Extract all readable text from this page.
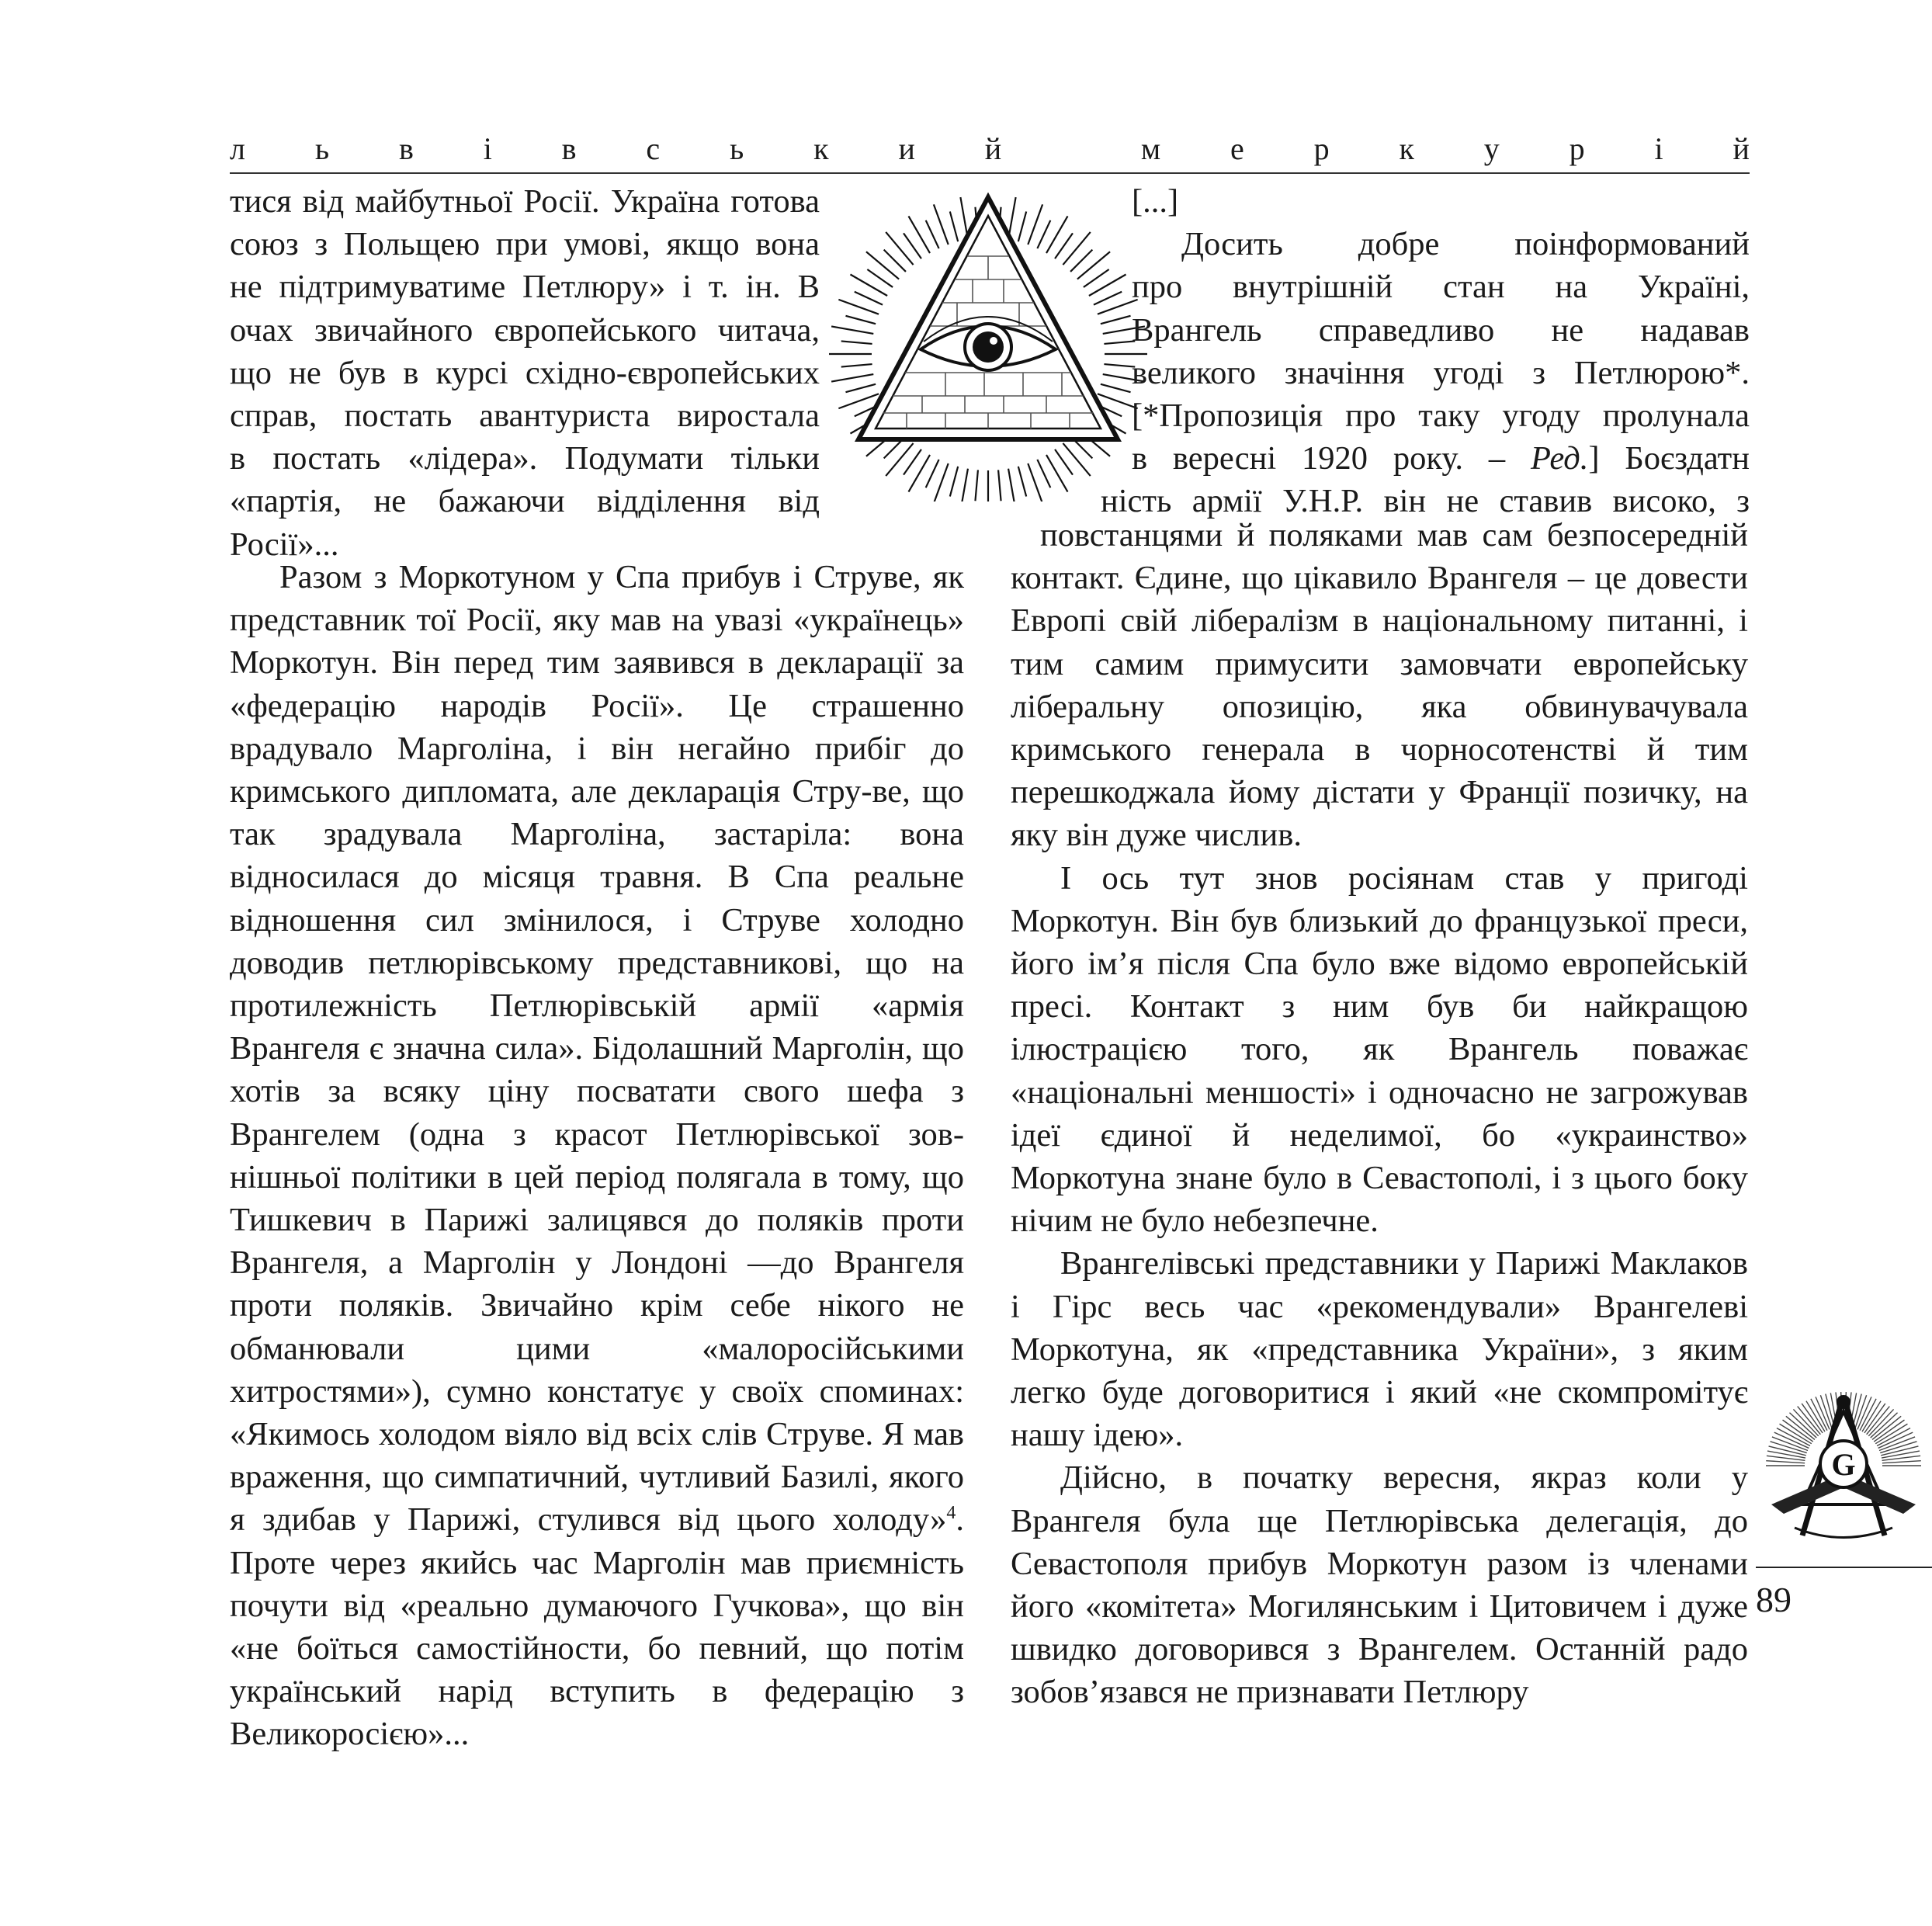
л ь в і в с ь к и й	м е р к у р і й

тися від майбутньої Росії. Україна готова
союз з Польщею при умові, якщо вона
не підтримуватиме Петлюру» і т. ін. В
очах звичайного європейського читача,
що не був в курсі східно-європейських
справ, постать авантуриста виростала
в постать «лідера». Подумати тільки
«партія, не бажаючи відділення від

Росії»...

Разом з Моркотуном у Спа прибув і Струве, як представник тої Росії, яку мав на увазі «українець» Моркотун. Він перед тим заявився в декларації за «федерацію народів Росії». Це страшенно врадувало Марголіна, і він негайно прибіг до кримського дипломата, але декларація Стру-ве, що так зрадувала Марголіна, застаріла: вона відносилася до місяця травня. В Спа реальне відношення сил змінилося, і Струве холодно доводив петлюрівському представникові, що на протилежність Петлюрівській армії «армія Врангеля є значна сила». Бідолашний Марголін, що хотів за всяку ціну посватати свого шефа з Врангелем (одна з красот Петлюрівської зов-нішньої політики в цей період полягала в тому, що Тишкевич в Парижі залицявся до поляків проти Врангеля, а Марголін у Лондоні —до Врангеля проти поляків. Звичайно крім себе нікого не обманювали цими «малоросійськими хитростями»), сумно констатує у своїх споминах: «Якимось холодом віяло від всіх слів Струве. Я мав враження, що симпатичний, чутливий Базилі, якого я здибав у Парижі, стулився від цього холоду»$^4$. Проте через якийсь час Марголін мав приємність почути від «реально думаючого Гучкова», що він «не боїться самостійности, бо певний, що потім український нарід вступить в федерацію з Великоросією»...

[...]
Досить добре поінформований
про внутрішній стан на Україні,
Врангель справедливо не надавав
великого значіння угоді з Петлюрою*.
[*Пропозиція про таку угоду пролунала
в вересні 1920 року. – Ред.] Боєздатн
ність армії У.Н.Р. він не ставив високо, з

повстанцями й поляками мав сам безпосередній контакт. Єдине, що цікавило Врангеля – це довести Европі свій лібералізм в національному питанні, і тим самим примусити замовчати европейську ліберальну опозицію, яка обвинувачувала кримського генерала в чорносотенстві й тим перешкоджала йому дістати у Франції позичку, на яку він дуже числив.

І ось тут знов росіянам став у пригоді Моркотун. Він був близький до французької преси, його ім’я після Спа було вже відомо европейській пресі. Контакт з ним був би найкращою ілюстрацією того, як Врангель поважає «національні меншості» і одночасно не загрожував ідеї єдиної й неделимої, бо «украинство» Моркотуна знане було в Севастополі, і з цього боку нічим не було небезпечне.

Врангелівські представники у Парижі Маклаков і Гірс весь час «рекомендували» Врангелеві Моркотуна, як «представника України», з яким легко буде договоритися і який «не скомпромітує нашу ідею».

Дійсно, в початку вересня, якраз коли у Врангеля була ще Петлюрівська делегація, до Севастополя прибув Моркотун разом із членами його «комітета» Могилянським і Цитовичем і дуже швидко договорився з Врангелем. Останній радо зобов’язався не признавати Петлюру

G
89
